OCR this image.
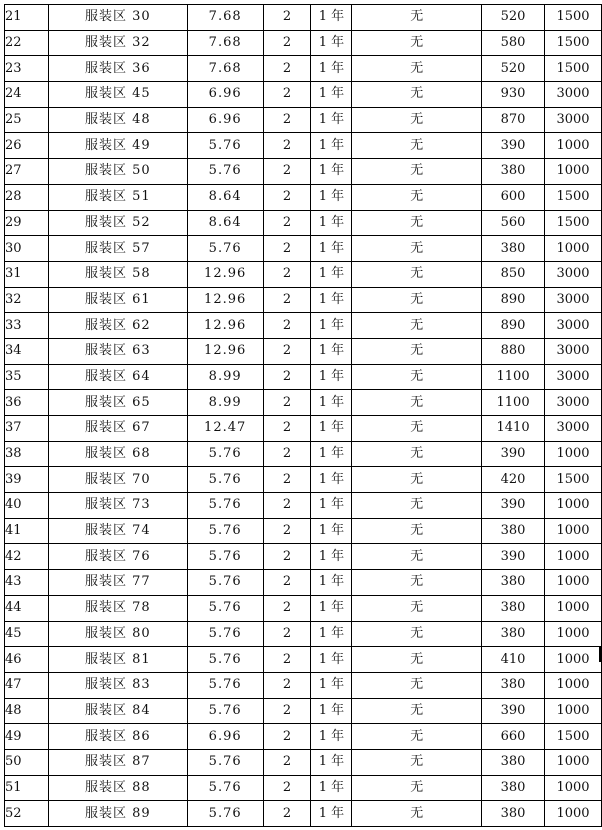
21	服装区 30	7.68	2	1 年	无	520	1500
22	服装区 32	7.68	2	1 年	无	580	1500
23	服装区 36	7.68	2	1 年	无	520	1500
24	服装区 45	6.96	2	1 年	无	930	3000
25	服装区 48	6.96	2	1 年	无	870	3000
26	服装区 49	5.76	2	1 年	无	390	1000
27	服装区 50	5.76	2	1 年	无	380	1000
28	服装区 51	8.64	2	1 年	无	600	1500
29	服装区 52	8.64	2	1 年	无	560	1500
30	服装区 57	5.76	2	1 年	无	380	1000
31	服装区 58	12.96	2	1 年	无	850	3000
32	服装区 61	12.96	2	1 年	无	890	3000
33	服装区 62	12.96	2	1 年	无	890	3000
34	服装区 63	12.96	2	1 年	无	880	3000
35	服装区 64	8.99	2	1 年	无	1100	3000
36	服装区 65	8.99	2	1 年	无	1100	3000
37	服装区 67	12.47	2	1 年	无	1410	3000
38	服装区 68	5.76	2	1 年	无	390	1000
39	服装区 70	5.76	2	1 年	无	420	1500
40	服装区 73	5.76	2	1 年	无	390	1000
41	服装区 74	5.76	2	1 年	无	380	1000
42	服装区 76	5.76	2	1 年	无	390	1000
43	服装区 77	5.76	2	1 年	无	380	1000
44	服装区 78	5.76	2	1 年	无	380	1000
45	服装区 80	5.76	2	1 年	无	380	1000
46	服装区 81	5.76	2	1 年	无	410	1000
47	服装区 83	5.76	2	1 年	无	380	1000
48	服装区 84	5.76	2	1 年	无	390	1000
49	服装区 86	6.96	2	1 年	无	660	1500
50	服装区 87	5.76	2	1 年	无	380	1000
51	服装区 88	5.76	2	1 年	无	380	1000
52	服装区 89	5.76	2	1 年	无	380	1000
